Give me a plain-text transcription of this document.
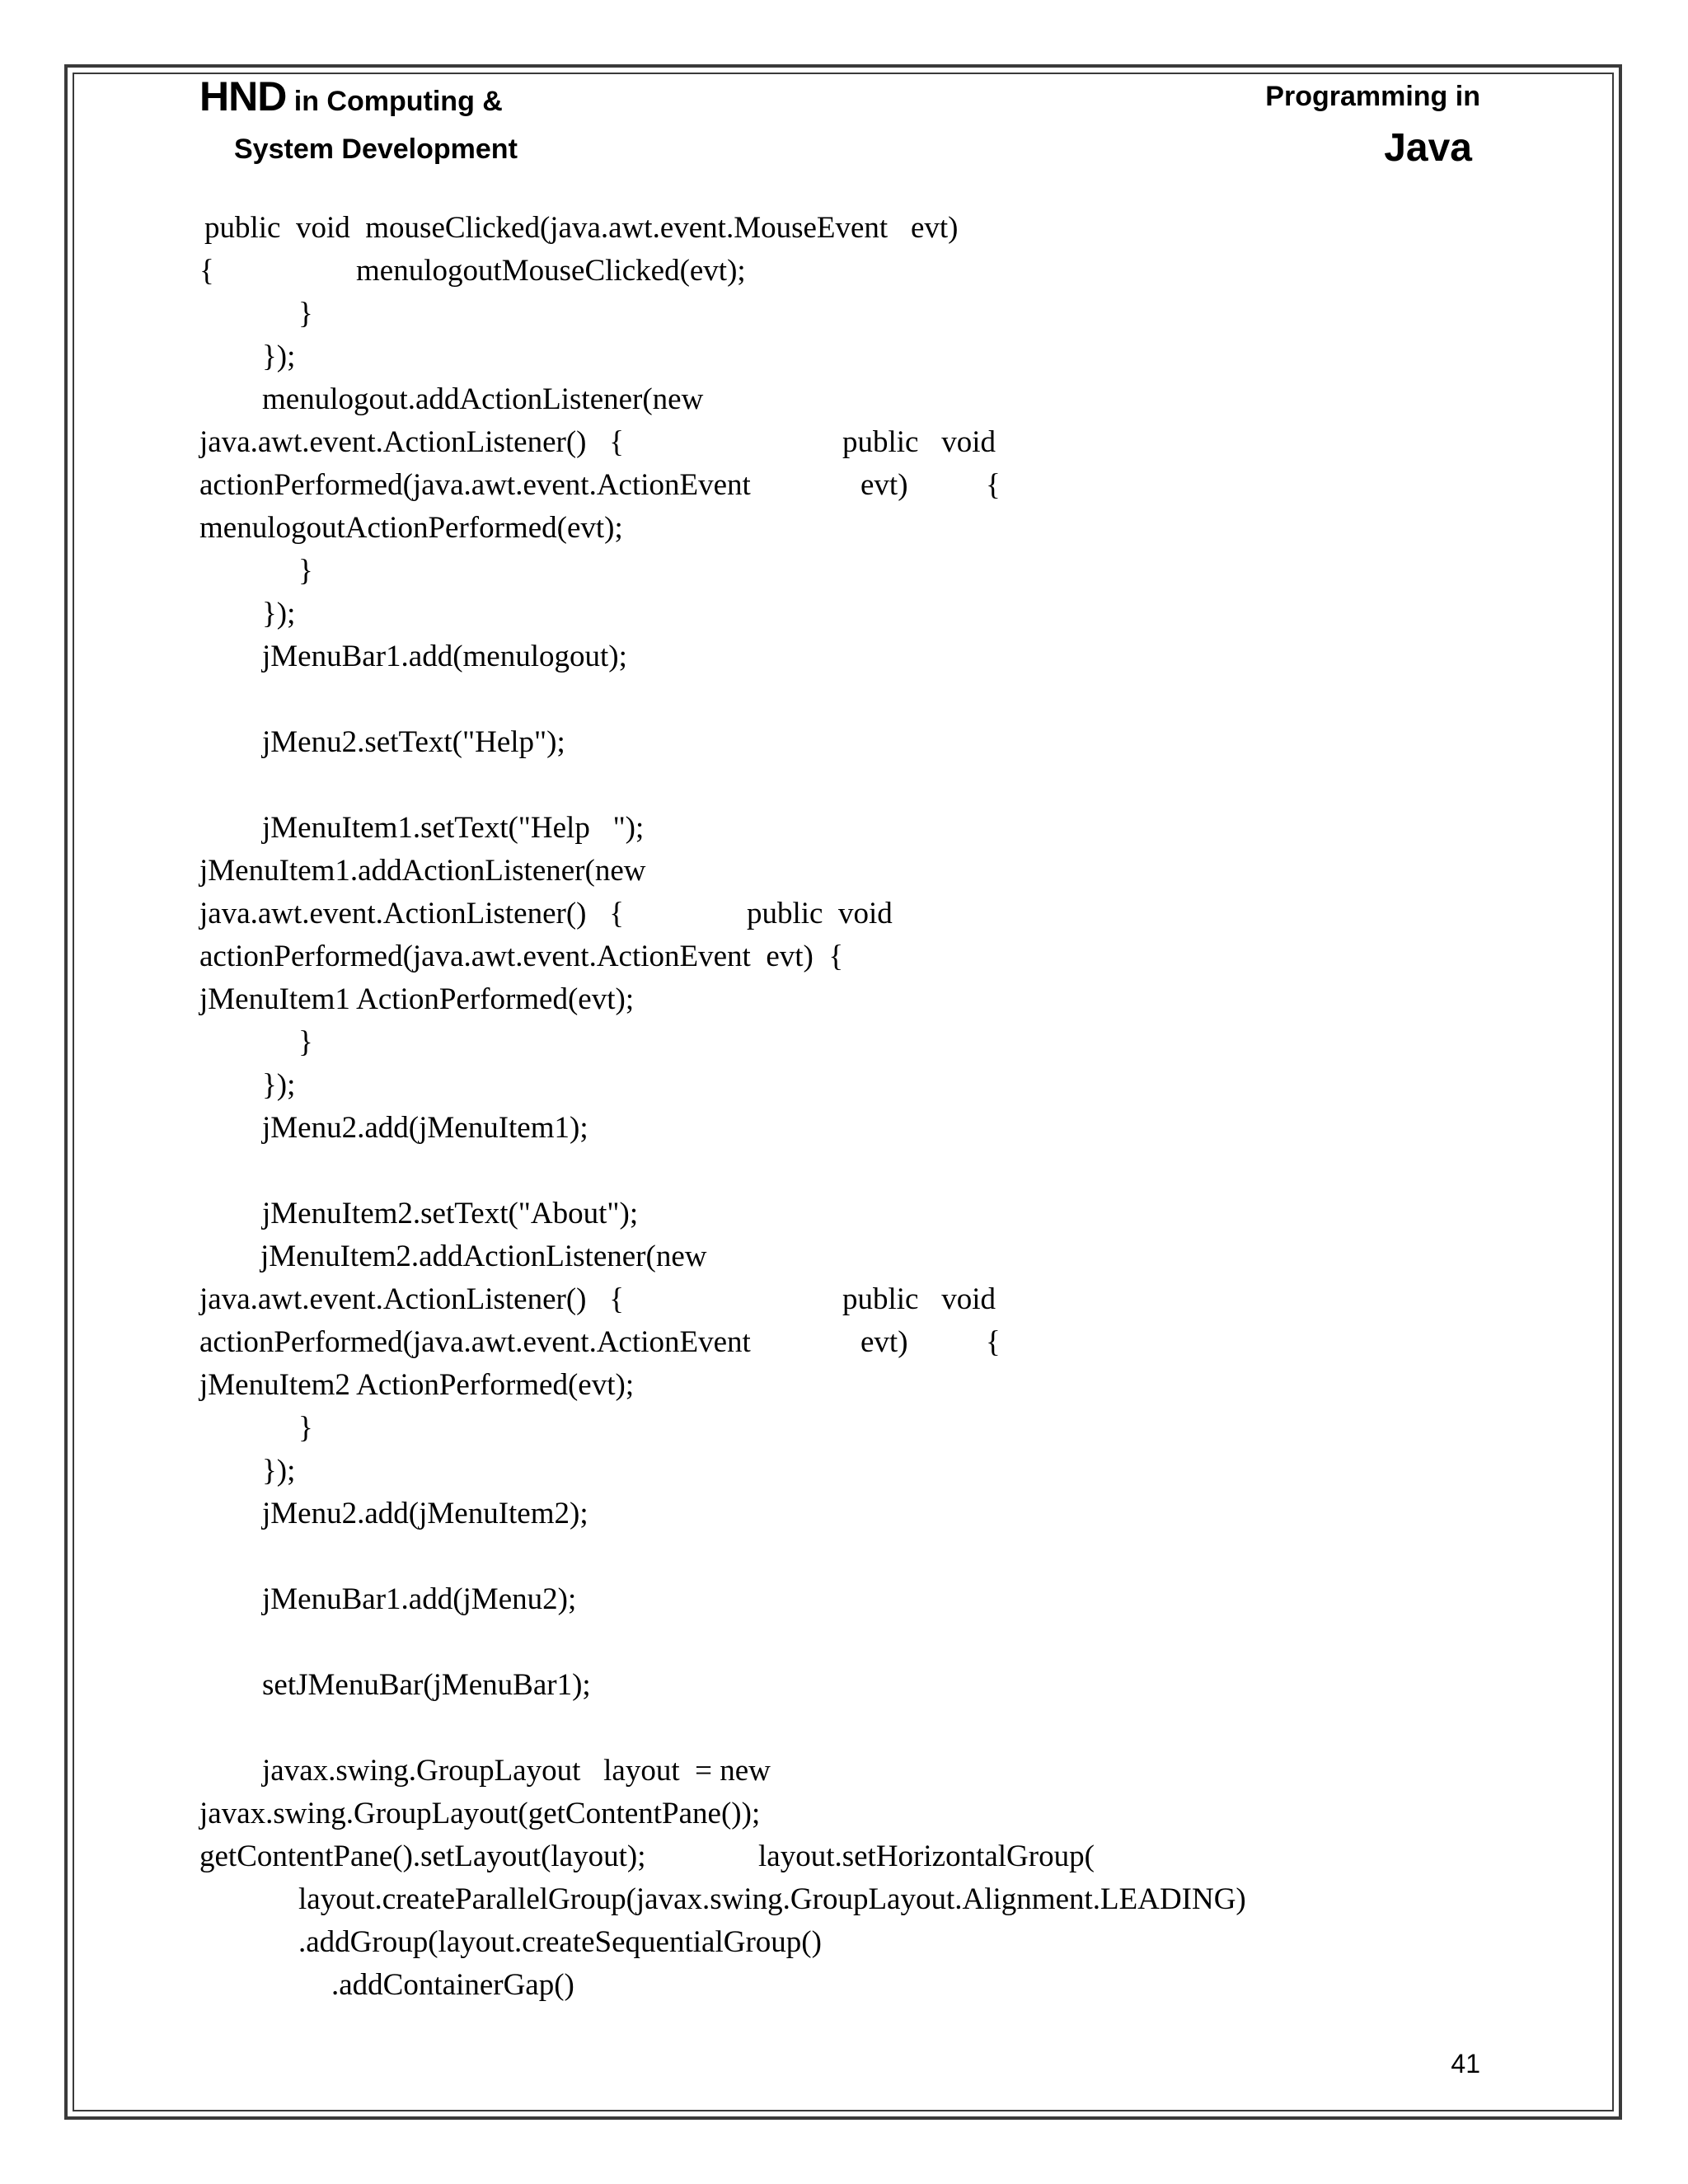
HND in Computing &
System Development
Programming in
Java
public  void  mouseClicked(java.awt.event.MouseEvent   evt)
{	menulogoutMouseClicked(evt);
}
});
menulogout.addActionListener(new
java.awt.event.ActionListener()   {	public   void
actionPerformed(java.awt.event.ActionEvent	evt)	{
menulogoutActionPerformed(evt);
}
});
jMenuBar1.add(menulogout);
jMenu2.setText("Help");
jMenuItem1.setText("Help   ");
jMenuItem1.addActionListener(new
java.awt.event.ActionListener()   {	public  void
actionPerformed(java.awt.event.ActionEvent  evt)  {
jMenuItem1 ActionPerformed(evt);
}
});
jMenu2.add(jMenuItem1);
jMenuItem2.setText("About");
jMenuItem2.addActionListener(new
java.awt.event.ActionListener()   {	public   void
actionPerformed(java.awt.event.ActionEvent	evt)	{
jMenuItem2 ActionPerformed(evt);
}
});
jMenu2.add(jMenuItem2);
jMenuBar1.add(jMenu2);
setJMenuBar(jMenuBar1);
javax.swing.GroupLayout   layout  = new
javax.swing.GroupLayout(getContentPane());
getContentPane().setLayout(layout);	layout.setHorizontalGroup(
layout.createParallelGroup(javax.swing.GroupLayout.Alignment.LEADING)
.addGroup(layout.createSequentialGroup()
.addContainerGap()
41
